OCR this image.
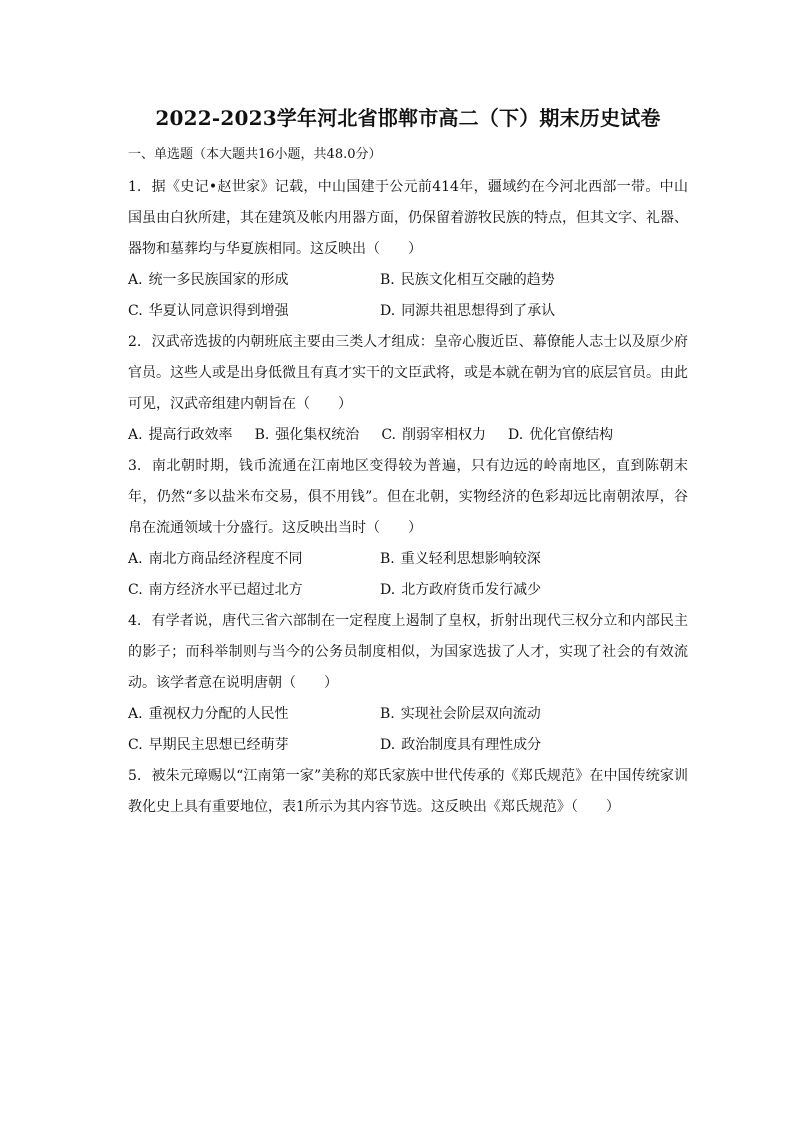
2022-2023学年河北省邯郸市高二（下）期末历史试卷
一、单选题（本大题共16小题，共48.0分）
1. 据《史记•赵世家》记载，中山国建于公元前414年，疆域约在今河北西部一带。中山国虽由白狄所建，其在建筑及帐内用器方面，仍保留着游牧民族的特点，但其文字、礼器、器物和墓葬均与华夏族相同。这反映出（　　）
A. 统一多民族国家的形成	B. 民族文化相互交融的趋势
C. 华夏认同意识得到增强	D. 同源共祖思想得到了承认
2. 汉武帝选拔的内朝班底主要由三类人才组成：皇帝心腹近臣、幕僚能人志士以及原少府官员。这些人或是出身低微且有真才实干的文臣武将，或是本就在朝为官的底层官员。由此可见，汉武帝组建内朝旨在（　　）
A. 提高行政效率 B. 强化集权统治 C. 削弱宰相权力 D. 优化官僚结构
3. 南北朝时期，钱币流通在江南地区变得较为普遍，只有边远的岭南地区，直到陈朝末年，仍然“多以盐米布交易，俱不用钱”。但在北朝，实物经济的色彩却远比南朝浓厚，谷帛在流通领域十分盛行。这反映出当时（　　）
A. 南北方商品经济程度不同	B. 重义轻利思想影响较深
C. 南方经济水平已超过北方	D. 北方政府货币发行减少
4. 有学者说，唐代三省六部制在一定程度上遏制了皇权，折射出现代三权分立和内部民主的影子；而科举制则与当今的公务员制度相似，为国家选拔了人才，实现了社会的有效流动。该学者意在说明唐朝（　　）
A. 重视权力分配的人民性	B. 实现社会阶层双向流动
C. 早期民主思想已经萌芽	D. 政治制度具有理性成分
5. 被朱元璋赐以“江南第一家”美称的郑氏家族中世代传承的《郑氏规范》在中国传统家训教化史上具有重要地位，表1所示为其内容节选。这反映出《郑氏规范》（　　）
